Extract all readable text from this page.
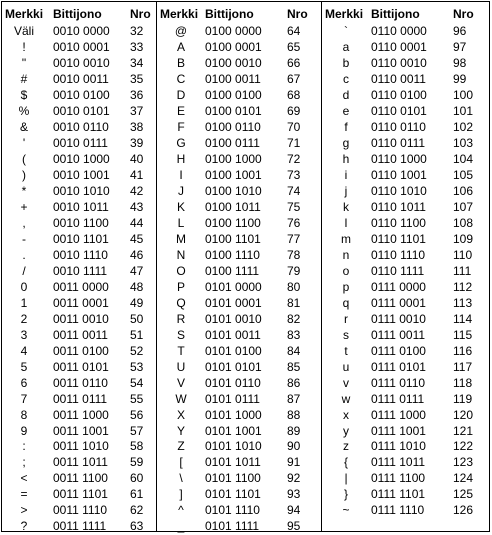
Merkki Bittijono Nro
Väli	0010 0000 32
!	0010 0001 33
"	0010 0010 34
#	0010 0011 35
$	0010 0100 36
%	0010 0101 37
&	0010 0110 38
'	0010 0111 39
(	0010 1000 40
)	0010 1001 41
*	0010 1010 42
+	0010 1011 43
,	0010 1100 44
-	0010 1101 45
.	0010 1110 46
/	0010 1111 47
0	0011 0000 48
1	0011 0001 49
2	0011 0010 50
3	0011 0011 51
4	0011 0100 52
5	0011 0101 53
6	0011 0110 54
7	0011 0111 55
8	0011 1000 56
9	0011 1001 57
:	0011 1010 58
;	0011 1011 59
<	0011 1100 60
=	0011 1101 61
>	0011 1110 62
?	0011 1111 63
Merkki Bittijono	Nro
@	0100 0000 64
A	0100 0001 65
B	0100 0010 66
C	0100 0011 67
D	0100 0100 68
E	0100 0101 69
F	0100 0110 70
G	0100 0111 71
H	0100 1000 72
I	0100 1001 73
J	0100 1010 74
K	0100 1011 75
L	0100 1100 76
M	0100 1101 77
N	0100 1110 78
O	0100 1111 79
P	0101 0000 80
Q	0101 0001 81
R	0101 0010 82
S	0101 0011 83
T	0101 0100 84
U	0101 0101 85
V	0101 0110 86
W	0101 0111 87
X	0101 1000 88
Y	0101 1001 89
Z	0101 1010 90
[	0101 1011 91
\	0101 1100 92
]	0101 1101 93
^	0101 1110 94
_	0101 1111 95
Merkki Bittijono	Nro
`	0110 0000 96
a	0110 0001 97
b	0110 0010 98
c	0110 0011 99
d	0110 0100 100
e	0110 0101 101
f	0110 0110 102
g	0110 0111 103
h	0110 1000 104
i	0110 1001 105
j	0110 1010 106
k	0110 1011 107
l	0110 1100 108
m	0110 1101 109
n	0110 1110 110
o	0110 1111 111
p	0111 0000 112
q	0111 0001 113
r	0111 0010 114
s	0111 0011 115
t	0111 0100 116
u	0111 0101 117
v	0111 0110 118
w	0111 0111 119
x	0111 1000 120
y	0111 1001 121
z	0111 1010 122
{	0111 1011 123
|	0111 1100 124
}	0111 1101 125
~	0111 1110 126
